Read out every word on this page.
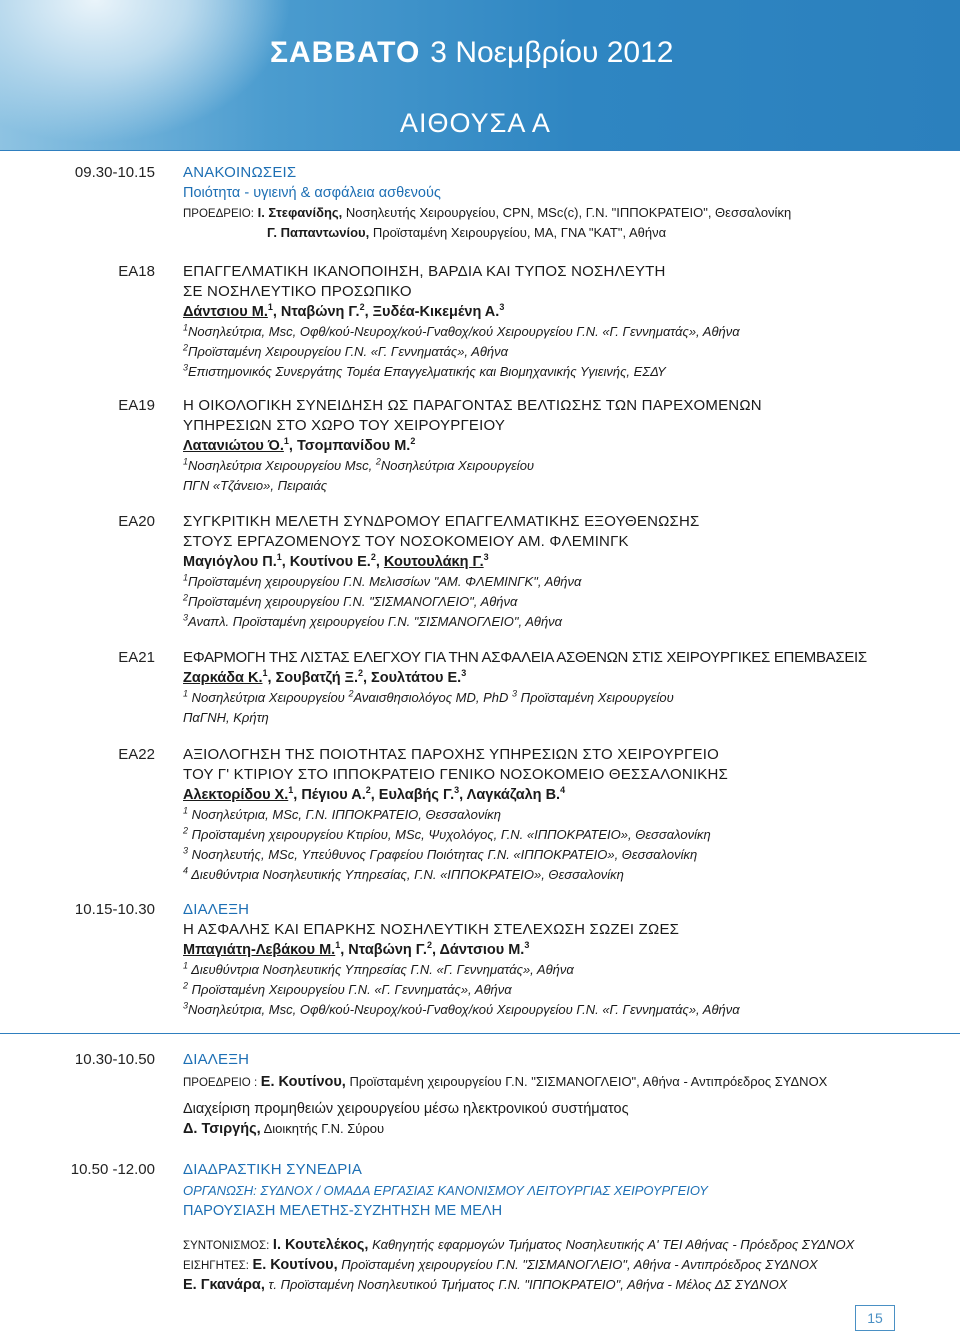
ΣΑΒΒΑΤΟ 3 Νοεμβρίου 2012
ΑΙΘΟΥΣΑ Α
09.30-10.15 ΑΝΑΚΟΙΝΩΣΕΙΣ
Ποιότητα - υγιεινή & ασφάλεια ασθενούς
ΠΡΟΕΔΡΕΙΟ: Ι. Στεφανίδης, Νοσηλευτής Χειρουργείου, CPN, MSc(c), Γ.Ν. "ΙΠΠΟΚΡΑΤΕΙΟ", Θεσσαλονίκη
Γ. Παπαντωνίου, Προϊσταμένη Χειρουργείου, ΜΑ, ΓΝΑ "ΚΑΤ", Αθήνα
ΕΑ18 ΕΠΑΓΓΕΛΜΑΤΙΚΗ ΙΚΑΝΟΠΟΙΗΣΗ, ΒΑΡΔΙΑ ΚΑΙ ΤΥΠΟΣ ΝΟΣΗΛΕΥΤΗ
ΣΕ ΝΟΣΗΛΕΥΤΙΚΟ ΠΡΟΣΩΠΙΚΟ
Δάντσιου Μ.$^1$, Νταβώνη Γ.$^2$, Ξυδέα-Κικεμένη Α.$^3$
$^1$Νοσηλεύτρια, Msc, Οφθ/κού-Νευροχ/κού-Γναθοχ/κού Χειρουργείου Γ.Ν. «Γ. Γεννηματάς», Αθήνα
$^2$Προϊσταμένη Χειρουργείου Γ.Ν. «Γ. Γεννηματάς», Αθήνα
$^3$Επιστημονικός Συνεργάτης Τομέα Επαγγελματικής και Βιομηχανικής Υγιεινής, ΕΣΔΥ
ΕΑ19 Η ΟΙΚΟΛΟΓΙΚΗ ΣΥΝΕΙΔΗΣΗ ΩΣ ΠΑΡΑΓΟΝΤΑΣ ΒΕΛΤΙΩΣΗΣ ΤΩΝ ΠΑΡΕΧΟΜΕΝΩΝ
ΥΠΗΡΕΣΙΩΝ ΣΤΟ ΧΩΡΟ ΤΟΥ ΧΕΙΡΟΥΡΓΕΙΟΥ
Λατανιώτου Ό.$^1$, Τσομπανίδου Μ.$^2$
$^1$Νοσηλεύτρια Χειρουργείου Msc, $^2$Νοσηλεύτρια Χειρουργείου
ΠΓΝ «Τζάνειο», Πειραιάς
ΕΑ20 ΣΥΓΚΡΙΤΙΚΗ ΜΕΛΕΤΗ ΣΥΝΔΡΟΜΟΥ ΕΠΑΓΓΕΛΜΑΤΙΚΗΣ ΕΞΟΥΘΕΝΩΣΗΣ
ΣΤΟΥΣ ΕΡΓΑΖΟΜΕΝΟΥΣ ΤΟΥ ΝΟΣΟΚΟΜΕΙΟΥ ΑΜ. ΦΛΕΜΙΝΓΚ
Μαγιόγλου Π.$^1$, Κουτίνου Ε.$^2$, Κουτουλάκη Γ.$^3$
$^1$Προϊσταμένη χειρουργείου Γ.Ν. Μελισσίων "ΑΜ. ΦΛΕΜΙΝΓΚ", Αθήνα
$^2$Προϊσταμένη χειρουργείου Γ.Ν. "ΣΙΣΜΑΝΟΓΛΕΙΟ", Αθήνα
$^3$Αναπλ. Προϊσταμένη χειρουργείου Γ.Ν. "ΣΙΣΜΑΝΟΓΛΕΙΟ", Αθήνα
ΕΑ21 ΕΦΑΡΜΟΓΗ ΤΗΣ ΛΙΣΤΑΣ ΕΛΕΓΧΟΥ ΓΙΑ ΤΗΝ ΑΣΦΑΛΕΙΑ ΑΣΘΕΝΩΝ ΣΤΙΣ ΧΕΙΡΟΥΡΓΙΚΕΣ ΕΠΕΜΒΑΣΕΙΣ
Ζαρκάδα Κ.$^1$, Σουβατζή Ξ.$^2$, Σουλτάτου Ε.$^3$
$^1$ Νοσηλεύτρια Χειρουργείου $^2$Αναισθησιολόγος MD, PhD $^3$ Προϊσταμένη Χειρουργείου
ΠαΓΝΗ, Κρήτη
ΕΑ22 ΑΞΙΟΛΟΓΗΣΗ ΤΗΣ ΠΟΙΟΤΗΤΑΣ ΠΑΡΟΧΗΣ ΥΠΗΡΕΣΙΩΝ ΣΤΟ ΧΕΙΡΟΥΡΓΕΙΟ
ΤΟΥ Γ' ΚΤΙΡΙΟΥ ΣΤΟ ΙΠΠΟΚΡΑΤΕΙΟ ΓΕΝΙΚΟ ΝΟΣΟΚΟΜΕΙΟ ΘΕΣΣΑΛΟΝΙΚΗΣ
Αλεκτορίδου Χ.$^1$, Πέγιου Α.$^2$, Ευλαβής Γ.$^3$, Λαγκάζαλη Β.$^4$
$^1$ Νοσηλεύτρια, MSc, Γ.Ν. ΙΠΠΟΚΡΑΤΕΙΟ, Θεσσαλονίκη
$^2$ Προϊσταμένη χειρουργείου Κτιρίου, MSc, Ψυχολόγος, Γ.Ν. «ΙΠΠΟΚΡΑΤΕΙΟ», Θεσσαλονίκη
$^3$ Νοσηλευτής, MSc, Υπεύθυνος Γραφείου Ποιότητας Γ.Ν. «ΙΠΠΟΚΡΑΤΕΙΟ», Θεσσαλονίκη
$^4$ Διευθύντρια Νοσηλευτικής Υπηρεσίας, Γ.Ν. «ΙΠΠΟΚΡΑΤΕΙΟ», Θεσσαλονίκη
10.15-10.30 ΔΙΑΛΕΞΗ
Η ΑΣΦΑΛΗΣ ΚΑΙ ΕΠΑΡΚΗΣ ΝΟΣΗΛΕΥΤΙΚΗ ΣΤΕΛΕΧΩΣΗ ΣΩΖΕΙ ΖΩΕΣ
Μπαγιάτη-Λεβάκου Μ.$^1$, Νταβώνη Γ.$^2$, Δάντσιου Μ.$^3$
$^1$ Διευθύντρια Νοσηλευτικής Υπηρεσίας Γ.Ν. «Γ. Γεννηματάς», Αθήνα
$^2$ Προϊσταμένη Χειρουργείου Γ.Ν. «Γ. Γεννηματάς», Αθήνα
$^3$Νοσηλεύτρια, Msc, Οφθ/κού-Νευροχ/κού-Γναθοχ/κού Χειρουργείου Γ.Ν. «Γ. Γεννηματάς», Αθήνα
10.30-10.50 ΔΙΑΛΕΞΗ
ΠΡΟΕΔΡΕΙΟ : Ε. Κουτίνου, Προϊσταμένη χειρουργείου Γ.Ν. "ΣΙΣΜΑΝΟΓΛΕΙΟ", Αθήνα - Αντιπρόεδρος ΣΥΔΝΟΧ
Διαχείριση προμηθειών χειρουργείου μέσω ηλεκτρονικού συστήματος
Δ. Τσιργής, Διοικητής Γ.Ν. Σύρου
10.50 -12.00 ΔΙΑΔΡΑΣΤΙΚΗ ΣΥΝΕΔΡΙΑ
ΟΡΓΑΝΩΣΗ: ΣΥΔΝΟΧ / ΟΜΑΔΑ ΕΡΓΑΣΙΑΣ ΚΑΝΟΝΙΣΜΟΥ ΛΕΙΤΟΥΡΓΙΑΣ ΧΕΙΡΟΥΡΓΕΙΟΥ
ΠΑΡΟΥΣΙΑΣΗ ΜΕΛΕΤΗΣ-ΣΥΖΗΤΗΣΗ ΜΕ ΜΕΛΗ
ΣΥΝΤΟΝΙΣΜΟΣ: Ι. Κουτελέκος, Καθηγητής εφαρμογών Τμήματος Νοσηλευτικής Α' ΤΕΙ Αθήνας - Πρόεδρος ΣΥΔΝΟΧ
ΕΙΣΗΓΗΤΕΣ: Ε. Κουτίνου, Προϊσταμένη χειρουργείου Γ.Ν. "ΣΙΣΜΑΝΟΓΛΕΙΟ", Αθήνα - Αντιπρόεδρος ΣΥΔΝΟΧ
Ε. Γκανάρα, τ. Προϊσταμένη Νοσηλευτικού Τμήματος Γ.Ν. "ΙΠΠΟΚΡΑΤΕΙΟ", Αθήνα - Μέλος ΔΣ ΣΥΔΝΟΧ
15
